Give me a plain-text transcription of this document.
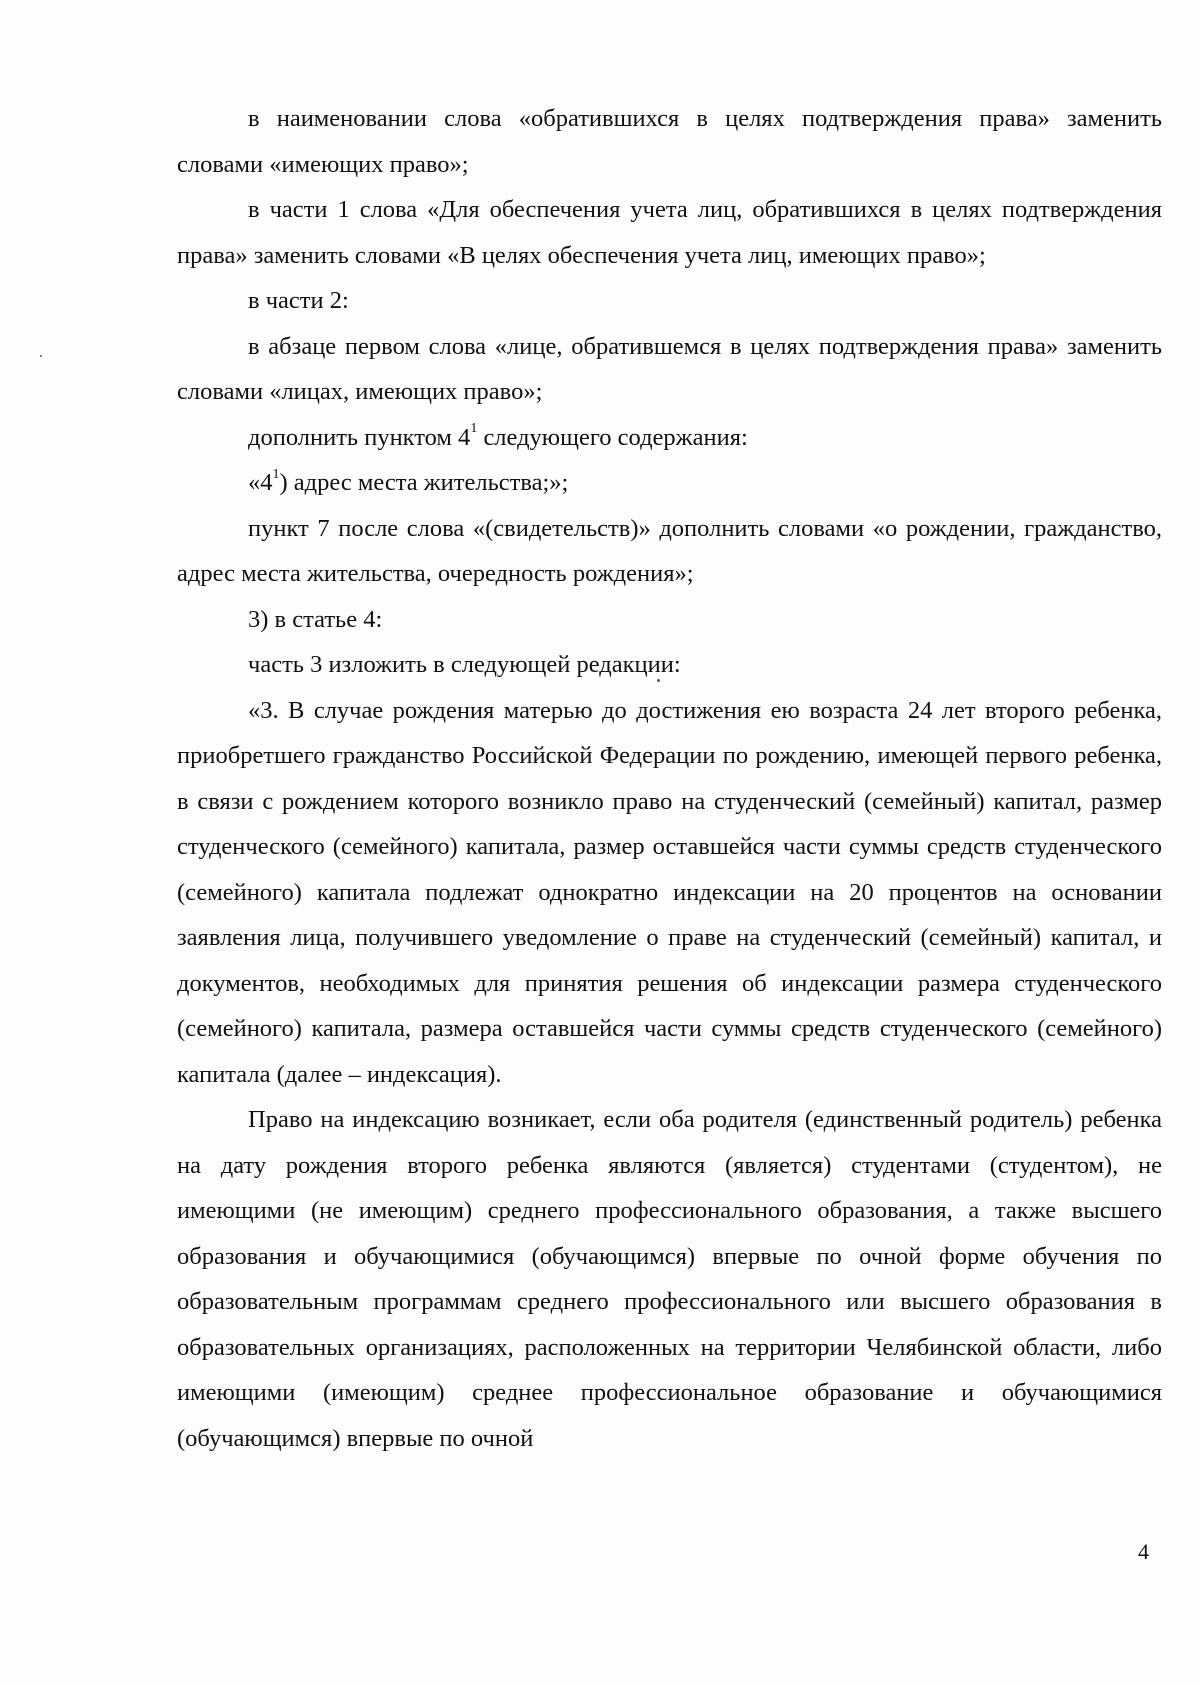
в наименовании слова «обратившихся в целях подтверждения права» заменить словами «имеющих право»;

в части 1 слова «Для обеспечения учета лиц, обратившихся в целях подтверждения права» заменить словами «В целях обеспечения учета лиц, имеющих право»;

в части 2:

в абзаце первом слова «лице, обратившемся в целях подтверждения права» заменить словами «лицах, имеющих право»;

дополнить пунктом $4^1$ следующего содержания:

«$4^1$) адрес места жительства;»;

пункт 7 после слова «(свидетельств)» дополнить словами «о рождении, гражданство, адрес места жительства, очередность рождения»;

3) в статье 4:

часть 3 изложить в следующей редакции:

«3. В случае рождения матерью до достижения ею возраста 24 лет второго ребенка, приобретшего гражданство Российской Федерации по рождению, имеющей первого ребенка, в связи с рождением которого возникло право на студенческий (семейный) капитал, размер студенческого (семейного) капитала, размер оставшейся части суммы средств студенческого (семейного) капитала подлежат однократно индексации на 20 процентов на основании заявления лица, получившего уведомление о праве на студенческий (семейный) капитал, и документов, необходимых для принятия решения об индексации размера студенческого (семейного) капитала, размера оставшейся части суммы средств студенческого (семейного) капитала (далее – индексация).

Право на индексацию возникает, если оба родителя (единственный родитель) ребенка на дату рождения второго ребенка являются (является) студентами (студентом), не имеющими (не имеющим) среднего профессионального образования, а также высшего образования и обучающимися (обучающимся) впервые по очной форме обучения по образовательным программам среднего профессионального или высшего образования в образовательных организациях, расположенных на территории Челябинской области, либо имеющими (имеющим) среднее профессиональное образование и обучающимися (обучающимся) впервые по очной

4
